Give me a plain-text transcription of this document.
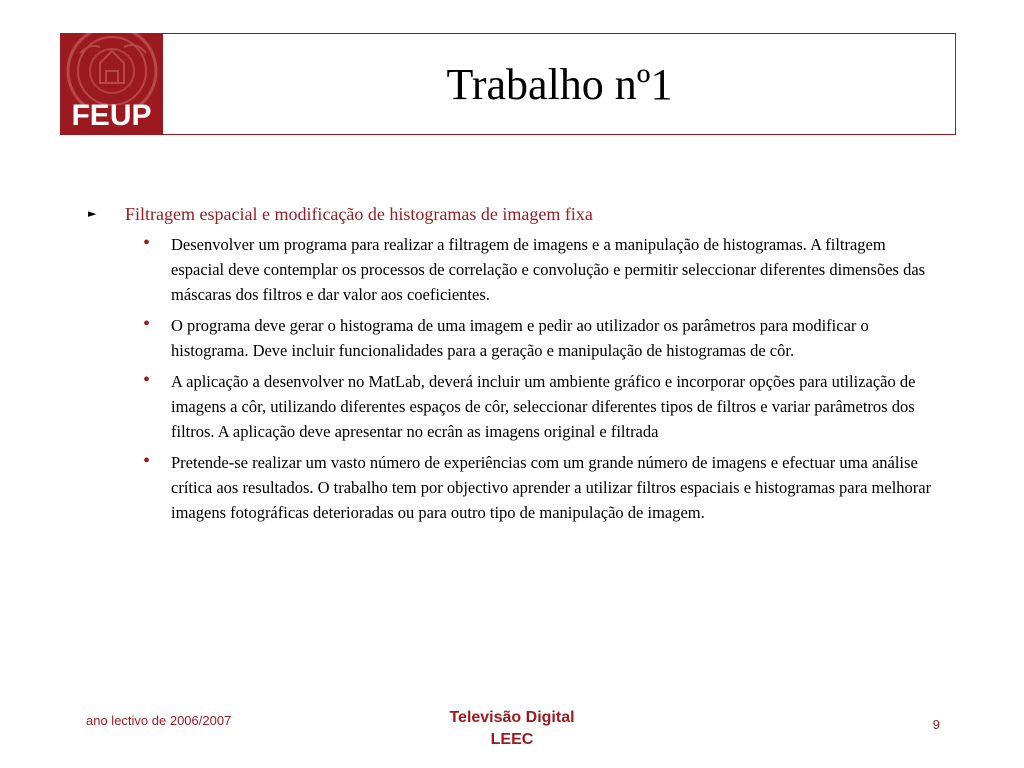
FEUP
Trabalho nº1
► Filtragem espacial e modificação de histogramas de imagem fixa
• Desenvolver um programa para realizar a filtragem de imagens e a manipulação de histogramas. A filtragem espacial deve contemplar os processos de correlação e convolução e permitir seleccionar diferentes dimensões das máscaras dos filtros e dar valor aos coeficientes.
• O programa deve gerar o histograma de uma imagem e pedir ao utilizador os parâmetros para modificar o histograma. Deve incluir funcionalidades para a geração e manipulação de histogramas de côr.
• A aplicação a desenvolver no MatLab, deverá incluir um ambiente gráfico e incorporar opções para utilização de imagens a côr, utilizando diferentes espaços de côr, seleccionar diferentes tipos de filtros e variar parâmetros dos filtros. A aplicação deve apresentar no ecrân as imagens original e filtrada
• Pretende-se realizar um vasto número de experiências com um grande número de imagens e efectuar uma análise crítica aos resultados. O trabalho tem por objectivo aprender a utilizar filtros espaciais e histogramas para melhorar imagens fotográficas deterioradas ou para outro tipo de manipulação de imagem.
ano lectivo de 2006/2007	Televisão Digital
LEEC
9
